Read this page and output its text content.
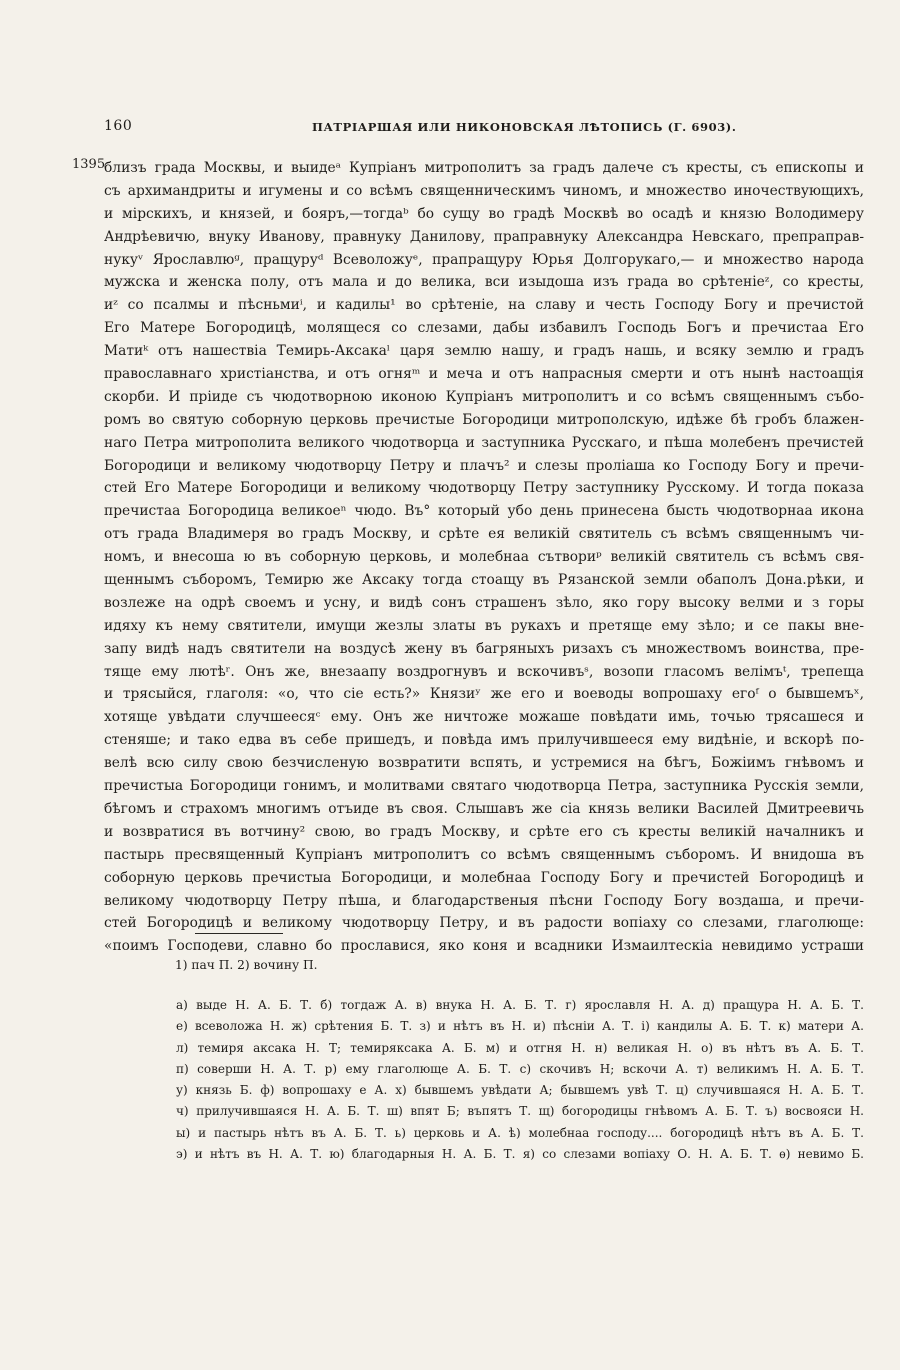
160	ПАТРІАРШАЯ ИЛИ НИКОНОВСКАЯ ЛѢТОПИСЬ (Г. 6903).
1395
близъ града Москвы, и выидеᵃ Купріанъ митрополитъ за градъ далече съ кресты, съ епископы и
съ архимандриты и игумены и со всѣмъ священническимъ чиномъ, и множество иночествующихъ,
и мірскихъ, и князей, и бояръ,—тогдаᵇ бо сущу во градѣ Москвѣ во осадѣ и князю Володимеру
Андрѣевичю, внуку Иванову, правнуку Данилову, праправнуку Александра Невскаго, препраправ-
нукуᵛ Ярославлюᵍ, пращуруᵈ Всеволожуᵉ, прапращуру Юрья Долгорукаго,— и множество народа
мужска и женска полу, отъ мала и до велика, вси изыдоша изъ града во срѣтеніеᶻ, со кресты,
иᶻ со псалмы и пѣсньмиⁱ, и кадилы¹ во срѣтеніе, на славу и честь Господу Богу и пречистой
Его Матере Богородицѣ, молящеся со слезами, дабы избавилъ Господь Богъ и пречистаа Его
Матиᵏ отъ нашествіа Темирь-Аксакаˡ царя землю нашу, и градъ нашь, и всяку землю и градъ
православнаго христіанства, и отъ огняᵐ и меча и отъ напрасныя смерти и отъ нынѣ настоащія
скорби. И пріиде съ чюдотворною иконою Купріанъ митрополитъ и со всѣмъ священнымъ събо-
ромъ во святую соборную церковь пречистые Богородици митрополскую, идѣже бѣ гробъ блажен-
наго Петра митрополита великого чюдотворца и заступника Русскаго, и пѣша молебенъ пречистей
Богородици и великому чюдотворцу Петру и плачъ² и слезы проліаша ко Господу Богу и пречи-
стей Его Матере Богородици и великому чюдотворцу Петру заступнику Русскому. И тогда показа
пречистаа Богородица великоеⁿ чюдо. Въ° который убо день принесена бысть чюдотворнаа икона
отъ града Владимеря во градъ Москву, и срѣте ея великій святитель съ всѣмъ священнымъ чи-
номъ, и внесоша ю въ соборную церковь, и молебнаа сътвориᵖ великій святитель съ всѣмъ свя-
щеннымъ съборомъ, Темирю же Аксаку тогда стоащу въ Рязанской земли обаполъ Дона.рѣки, и
возлеже на одрѣ своемъ и усну, и видѣ сонъ страшенъ зѣло, яко гору высоку велми и з горы
идяху къ нему святители, имущи жезлы златы въ рукахъ и претяще ему зѣло; и се пакы вне-
запу видѣ надъ святители на воздусѣ жену въ багряныхъ ризахъ съ множествомъ воинства, пре-
тяще ему лютѣʳ. Онъ же, внезаапу воздрогнувъ и вскочивъˢ, возопи гласомъ велімъᵗ, трепеща
и трясыйся, глаголя: «о, что сіе есть?» Князиʸ же его и воеводы вопрошаху егоᶠ о бывшемъˣ,
хотяще увѣдати случшеесяᶜ ему. Онъ же ничтоже можаше повѣдати имь, точью трясашеся и
стеняше; и тако едва въ себе пришедъ, и повѣда имъ прилучившееся ему видѣніе, и вскорѣ по-
велѣ всю силу свою безчисленую возвратити вспять, и устремися на бѣгъ, Божіимъ гнѣвомъ и
пречистыа Богородици гонимъ, и молитвами святаго чюдотворца Петра, заступника Русскія земли,
бѣгомъ и страхомъ многимъ отъиде въ своя. Слышавъ же сіа князь велики Василей Дмитреевичь
и возвратися въ вотчину² свою, во градъ Москву, и срѣте его съ кресты великій началникъ и
пастырь пресвященный Купріанъ митрополитъ со всѣмъ священнымъ съборомъ. И внидоша въ
соборную церковь пречистыа Богородици, и молебнаа Господу Богу и пречистей Богородицѣ и
великому чюдотворцу Петру пѣша, и благодарственыя пѣсни Господу Богу воздаша, и пречи-
стей Богородицѣ и великому чюдотворцу Петру, и въ радости вопіаху со слезами, глаголюще:
«поимъ Господеви, славно бо прославися, яко коня и всадники Измаилтескіа невидимо устраши
1) пач П. 2) вочину П.
а) выде Н. А. Б. Т. б) тогдаж А. в) внука Н. А. Б. Т. г) ярославля Н. А. д) пращура Н. А. Б. Т.
е) всеволожа Н. ж) срѣтения Б. Т. з) и нѣтъ въ Н. и) пѣснiи А. Т. і) кандилы А. Б. Т. к) матери А.
л) темиря аксака Н. Т; темиряксака А. Б. м) и отгня Н. н) великая Н. о) въ нѣтъ въ А. Б. Т.
п) соверши Н. А. Т. р) ему глаголюще А. Б. Т. с) скочивъ Н; вскочи А. т) великимъ Н. А. Б. Т.
у) князь Б. ф) вопрошаху е А. х) бывшемъ увѣдати А; бывшемъ увѣ Т. ц) случившаяся Н. А. Б. Т.
ч) прилучившаяся Н. А. Б. Т. ш) впят Б; въпятъ Т. щ) богородицы гнѣвомъ А. Б. Т. ъ) восвояси Н.
ы) и пастырь нѣтъ въ А. Б. Т. ь) церковь и А. ѣ) молебнаа господу.... богородицѣ нѣтъ въ А. Б. Т.
э) и нѣтъ въ Н. А. Т. ю) благодарныя Н. А. Б. Т. я) со слезами вопіаху О. Н. А. Б. Т. ѳ) невимо Б.
